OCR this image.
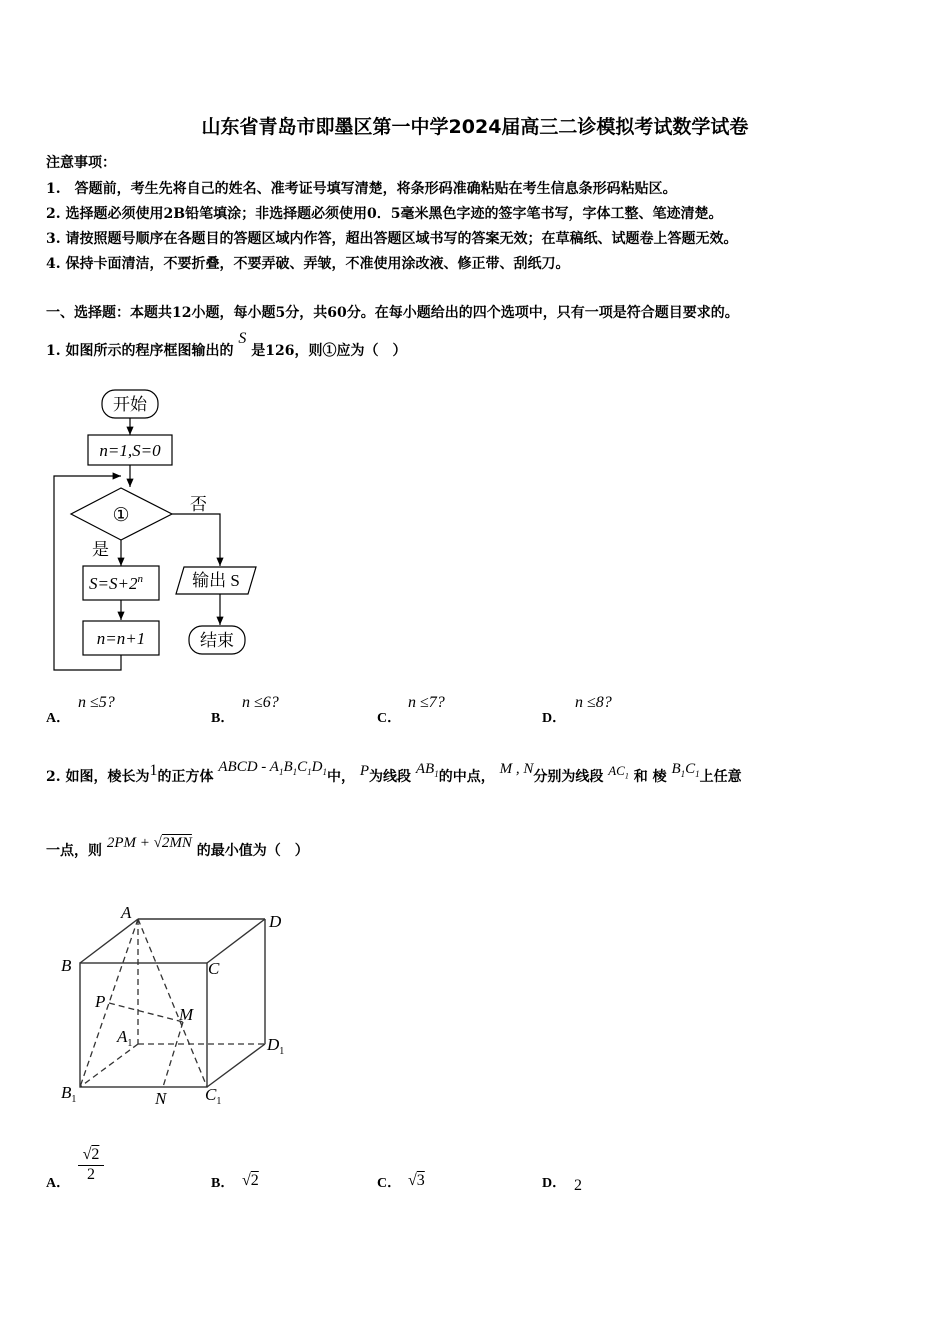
山东省青岛市即墨区第一中学2024届高三二诊模拟考试数学试卷
注意事项：
1.　答题前，考生先将自己的姓名、准考证号填写清楚，将条形码准确粘贴在考生信息条形码粘贴区。
2. 选择题必须使用2B铅笔填涂；非选择题必须使用0．5毫米黑色字迹的签字笔书写，字体工整、笔迹清楚。
3. 请按照题号顺序在各题目的答题区域内作答，超出答题区域书写的答案无效；在草稿纸、试题卷上答题无效。
4. 保持卡面清洁，不要折叠，不要弄破、弄皱，不准使用涂改液、修正带、刮纸刀。
一、选择题：本题共12小题，每小题5分，共60分。在每小题给出的四个选项中，只有一项是符合题目要求的。
1. 如图所示的程序框图输出的 S 是126，则①应为（　）
开始
n=1,S=0
①
否
输出 S
结束
是
$S=S+2^n$
n=n+1
A．
n ≤5?
B．
n ≤6?
C．
n ≤7?
D．
n ≤8?
2. 如图，棱长为1的正方体 ABCD - $A_1B_1C_1D_1$中， P为线段 $AB_1$的中点， M , N分别为线段 $AC_1$ 和 棱 $B_1C_1$上任意
一点，则 2PM + √2MN 的最小值为（　）
A	D
B	C
P
M
$A_1$	$D_1$
$B_1$	N $C_1$
A．
√2
2
B． √2	C． √3	D． 2
